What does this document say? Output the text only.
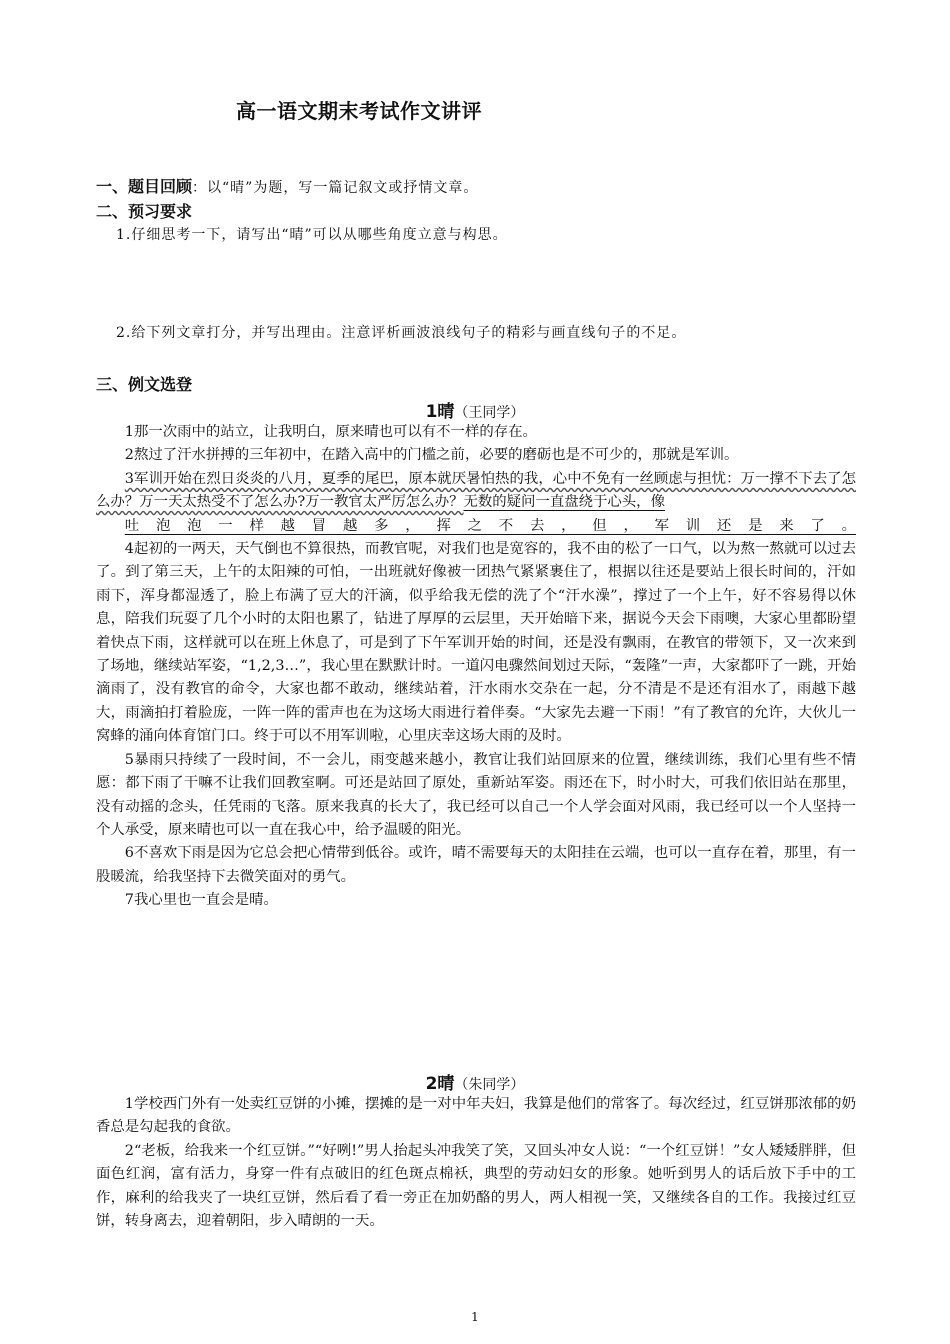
高一语文期末考试作文讲评
一、题目回顾：以“晴”为题，写一篇记叙文或抒情文章。
二、预习要求
1.仔细思考一下，请写出“晴”可以从哪些角度立意与构思。
2.给下列文章打分，并写出理由。注意评析画波浪线句子的精彩与画直线句子的不足。
三、例文选登
1晴（王同学）

1那一次雨中的站立，让我明白，原来晴也可以有不一样的存在。

2熬过了汗水拼搏的三年初中，在踏入高中的门槛之前，必要的磨砺也是不可少的，那就是军训。

3军训开始在烈日炎炎的八月，夏季的尾巴，原本就厌暑怕热的我，心中不免有一丝顾虑与担忧：万一撑不下去了怎么办？万一天太热受不了怎么办?万一教官太严厉怎么办？无数的疑问一直盘绕于心头，像

吐泡泡一样越冒越多，挥之不去，但，军训还是来了。

4起初的一两天，天气倒也不算很热，而教官呢，对我们也是宽容的，我不由的松了一口气，以为熬一熬就可以过去了。到了第三天，上午的太阳辣的可怕，一出班就好像被一团热气紧紧裹住了，根据以往还是要站上很长时间的，汗如雨下，浑身都湿透了，脸上布满了豆大的汗滴，似乎给我无偿的洗了个“汗水澡”，撑过了一个上午，好不容易得以休息，陪我们玩耍了几个小时的太阳也累了，钻进了厚厚的云层里，天开始暗下来，据说今天会下雨噢，大家心里都盼望着快点下雨，这样就可以在班上休息了，可是到了下午军训开始的时间，还是没有飘雨，在教官的带领下，又一次来到了场地，继续站军姿，“1,2,3…”，我心里在默默计时。一道闪电骤然间划过天际，“轰隆”一声，大家都吓了一跳，开始滴雨了，没有教官的命令，大家也都不敢动，继续站着，汗水雨水交杂在一起，分不清是不是还有泪水了，雨越下越大，雨滴拍打着脸庞，一阵一阵的雷声也在为这场大雨进行着伴奏。“大家先去避一下雨！”有了教官的允许，大伙儿一窝蜂的涌向体育馆门口。终于可以不用军训啦，心里庆幸这场大雨的及时。

5暴雨只持续了一段时间，不一会儿，雨变越来越小，教官让我们站回原来的位置，继续训练，我们心里有些不情愿：都下雨了干嘛不让我们回教室啊。可还是站回了原处，重新站军姿。雨还在下，时小时大，可我们依旧站在那里，没有动摇的念头，任凭雨的飞落。原来我真的长大了，我已经可以自己一个人学会面对风雨，我已经可以一个人坚持一个人承受，原来晴也可以一直在我心中，给予温暖的阳光。

6不喜欢下雨是因为它总会把心情带到低谷。或许，晴不需要每天的太阳挂在云端，也可以一直存在着，那里，有一股暖流，给我坚持下去微笑面对的勇气。

7我心里也一直会是晴。

2晴（朱同学）

1学校西门外有一处卖红豆饼的小摊，摆摊的是一对中年夫妇，我算是他们的常客了。每次经过，红豆饼那浓郁的奶香总是勾起我的食欲。

2“老板，给我来一个红豆饼。”“好咧!”男人抬起头冲我笑了笑，又回头冲女人说：“一个红豆饼！”女人矮矮胖胖，但面色红润，富有活力，身穿一件有点破旧的红色斑点棉袄，典型的劳动妇女的形象。她听到男人的话后放下手中的工作，麻利的给我夹了一块红豆饼，然后看了看一旁正在加奶酪的男人，两人相视一笑，又继续各自的工作。我接过红豆饼，转身离去，迎着朝阳，步入晴朗的一天。

1
